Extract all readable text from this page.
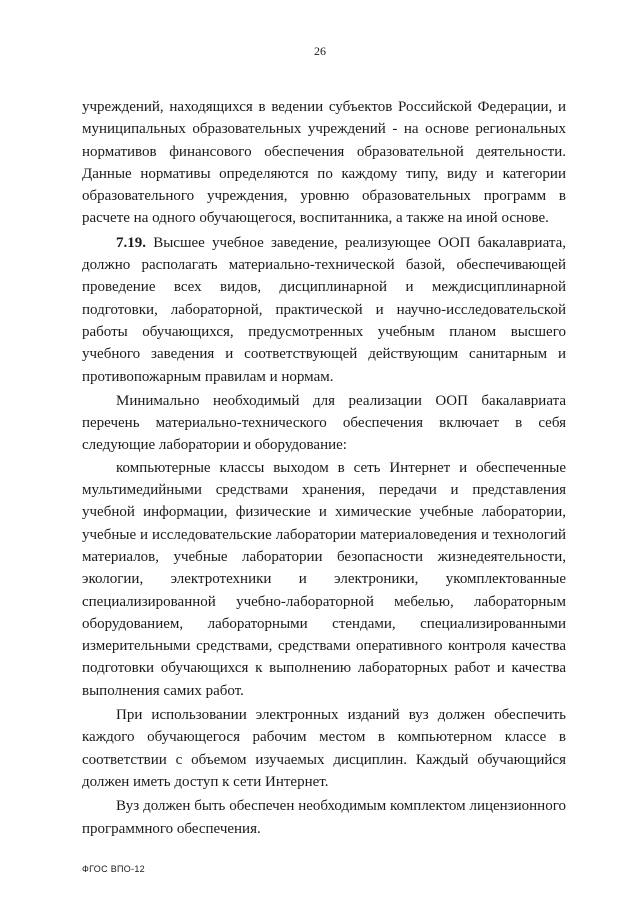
26

учреждений, находящихся в ведении субъектов Российской Федерации, и муниципальных образовательных учреждений - на основе региональных нормативов финансового обеспечения образовательной деятельности. Данные нормативы определяются по каждому типу, виду и категории образовательного учреждения, уровню образовательных программ в расчете на одного обучающегося, воспитанника, а также на иной основе.

7.19. Высшее учебное заведение, реализующее ООП бакалавриата, должно располагать материально-технической базой, обеспечивающей проведение всех видов, дисциплинарной и междисциплинарной подготовки, лабораторной, практической и научно-исследовательской работы обучающихся, предусмотренных учебным планом высшего учебного заведения и соответствующей действующим санитарным и противопожарным правилам и нормам.

Минимально необходимый для реализации ООП бакалавриата перечень материально-технического обеспечения включает в себя следующие лаборатории и оборудование:

компьютерные классы выходом в сеть Интернет и обеспеченные мультимедийными средствами хранения, передачи и представления учебной информации, физические и химические учебные лаборатории, учебные и исследовательские лаборатории материаловедения и технологий материалов, учебные лаборатории безопасности жизнедеятельности, экологии, электротехники и электроники, укомплектованные специализированной учебно-лабораторной мебелью, лабораторным оборудованием, лабораторными стендами, специализированными измерительными средствами, средствами оперативного контроля качества подготовки обучающихся к выполнению лабораторных работ и качества выполнения самих работ.

При использовании электронных изданий вуз должен обеспечить каждого обучающегося рабочим местом в компьютерном классе в соответствии с объемом изучаемых дисциплин. Каждый обучающийся должен иметь доступ к сети Интернет.

Вуз должен быть обеспечен необходимым комплектом лицензионного программного обеспечения.

ФГОС ВПО-12
